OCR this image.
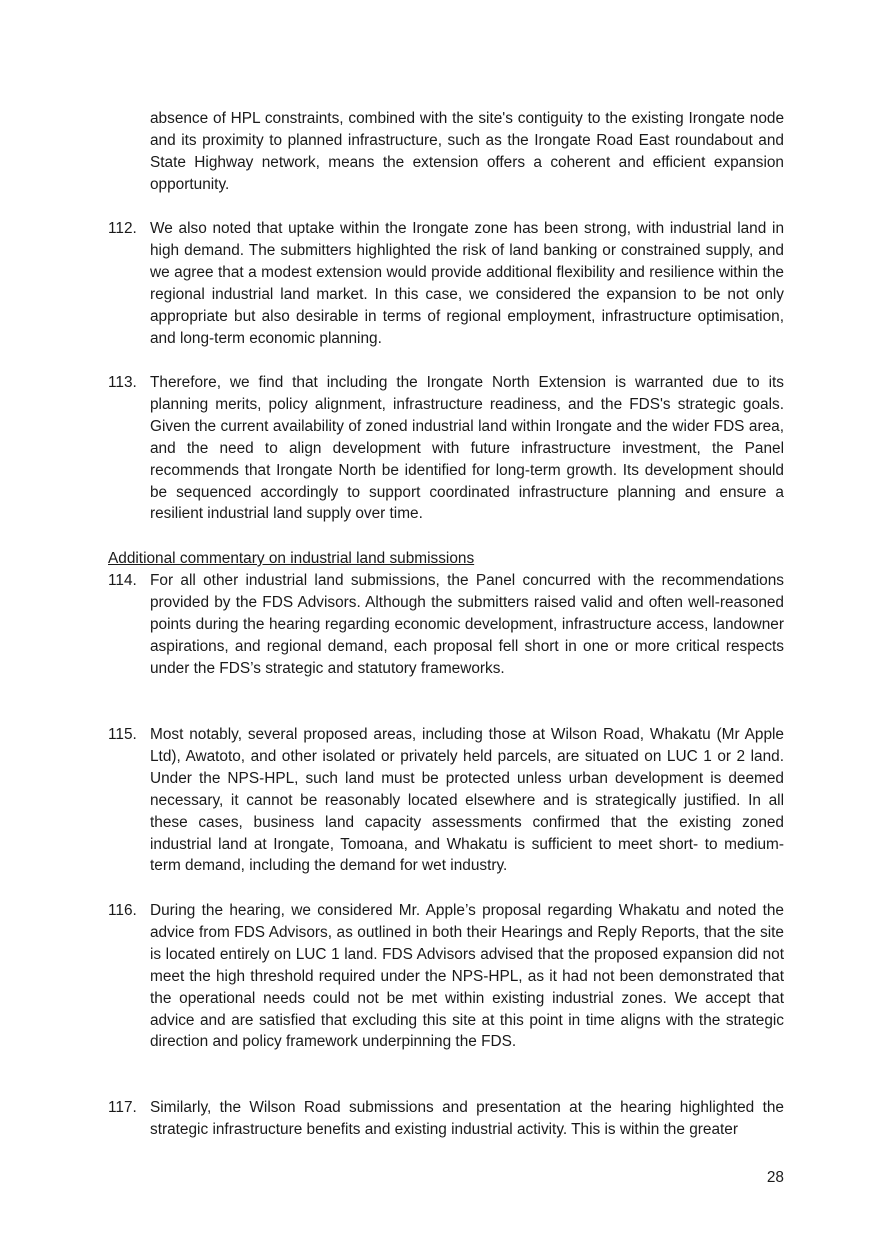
absence of HPL constraints, combined with the site's contiguity to the existing Irongate node and its proximity to planned infrastructure, such as the Irongate Road East roundabout and State Highway network, means the extension offers a coherent and efficient expansion opportunity.
112. We also noted that uptake within the Irongate zone has been strong, with industrial land in high demand. The submitters highlighted the risk of land banking or constrained supply, and we agree that a modest extension would provide additional flexibility and resilience within the regional industrial land market. In this case, we considered the expansion to be not only appropriate but also desirable in terms of regional employment, infrastructure optimisation, and long-term economic planning.
113. Therefore, we find that including the Irongate North Extension is warranted due to its planning merits, policy alignment, infrastructure readiness, and the FDS's strategic goals. Given the current availability of zoned industrial land within Irongate and the wider FDS area, and the need to align development with future infrastructure investment, the Panel recommends that Irongate North be identified for long-term growth. Its development should be sequenced accordingly to support coordinated infrastructure planning and ensure a resilient industrial land supply over time.
Additional commentary on industrial land submissions
114. For all other industrial land submissions, the Panel concurred with the recommendations provided by the FDS Advisors. Although the submitters raised valid and often well-reasoned points during the hearing regarding economic development, infrastructure access, landowner aspirations, and regional demand, each proposal fell short in one or more critical respects under the FDS’s strategic and statutory frameworks.
115. Most notably, several proposed areas, including those at Wilson Road, Whakatu (Mr Apple Ltd), Awatoto, and other isolated or privately held parcels, are situated on LUC 1 or 2 land. Under the NPS-HPL, such land must be protected unless urban development is deemed necessary, it cannot be reasonably located elsewhere and is strategically justified. In all these cases, business land capacity assessments confirmed that the existing zoned industrial land at Irongate, Tomoana, and Whakatu is sufficient to meet short- to medium-term demand, including the demand for wet industry.
116. During the hearing, we considered Mr. Apple’s proposal regarding Whakatu and noted the advice from FDS Advisors, as outlined in both their Hearings and Reply Reports, that the site is located entirely on LUC 1 land. FDS Advisors advised that the proposed expansion did not meet the high threshold required under the NPS-HPL, as it had not been demonstrated that the operational needs could not be met within existing industrial zones. We accept that advice and are satisfied that excluding this site at this point in time aligns with the strategic direction and policy framework underpinning the FDS.
117. Similarly, the Wilson Road submissions and presentation at the hearing highlighted the strategic infrastructure benefits and existing industrial activity. This is within the greater
28
